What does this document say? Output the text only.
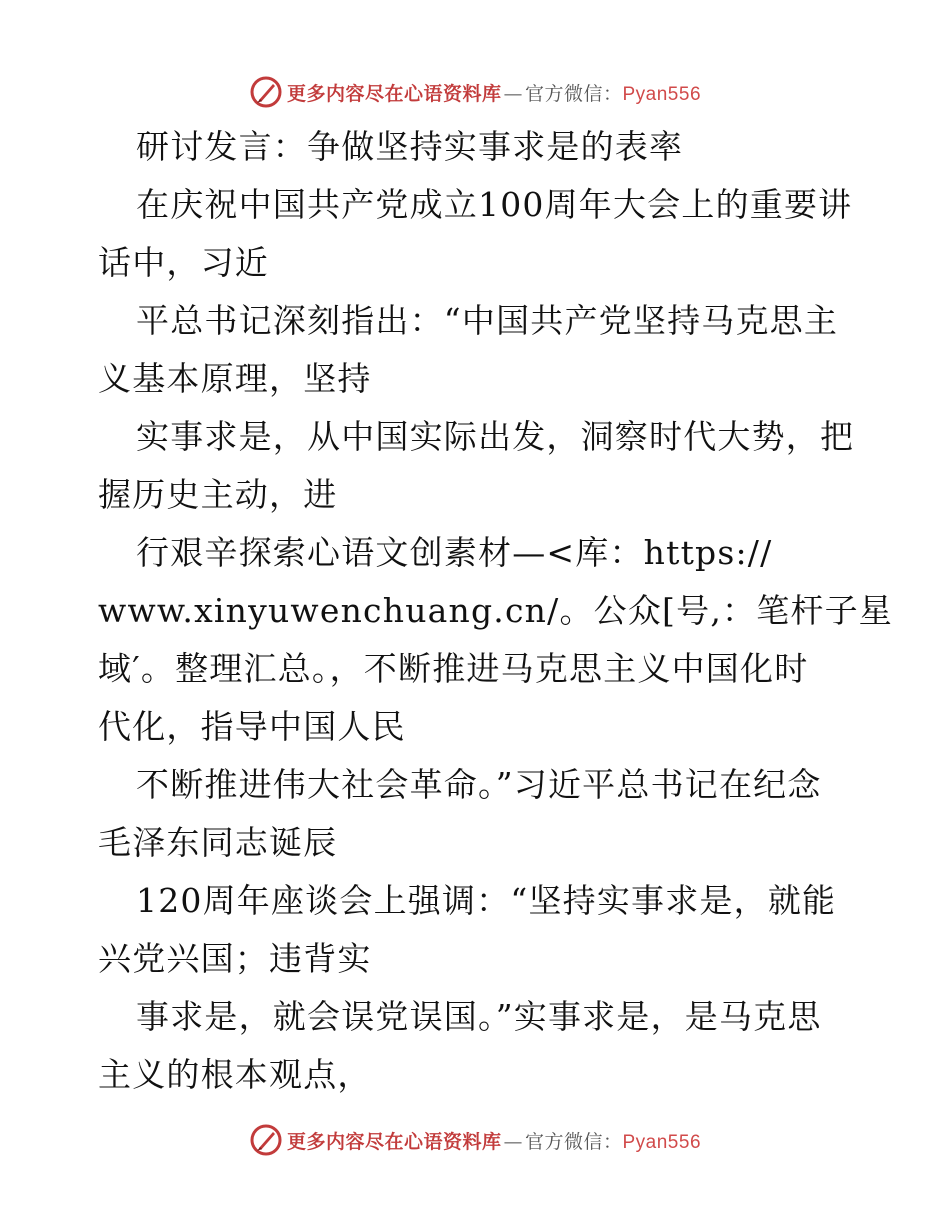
更多内容尽在心语资料库 — 官方微信： Pyan556
研讨发言：争做坚持实事求是的表率
在庆祝中国共产党成立100周年大会上的重要讲
话中，习近
平总书记深刻指出：“中国共产党坚持马克思主
义基本原理，坚持
实事求是，从中国实际出发，洞察时代大势，把
握历史主动，进
行艰辛探索心语文创素材—<库：https://
www.xinyuwenchuang.cn/。公众[号,：笔杆子星
域′。整理汇总。，不断推进马克思主义中国化时
代化，指导中国人民
不断推进伟大社会革命。”习近平总书记在纪念
毛泽东同志诞辰
120周年座谈会上强调：“坚持实事求是，就能
兴党兴国；违背实
事求是，就会误党误国。”实事求是，是马克思
主义的根本观点，
更多内容尽在心语资料库 — 官方微信： Pyan556
